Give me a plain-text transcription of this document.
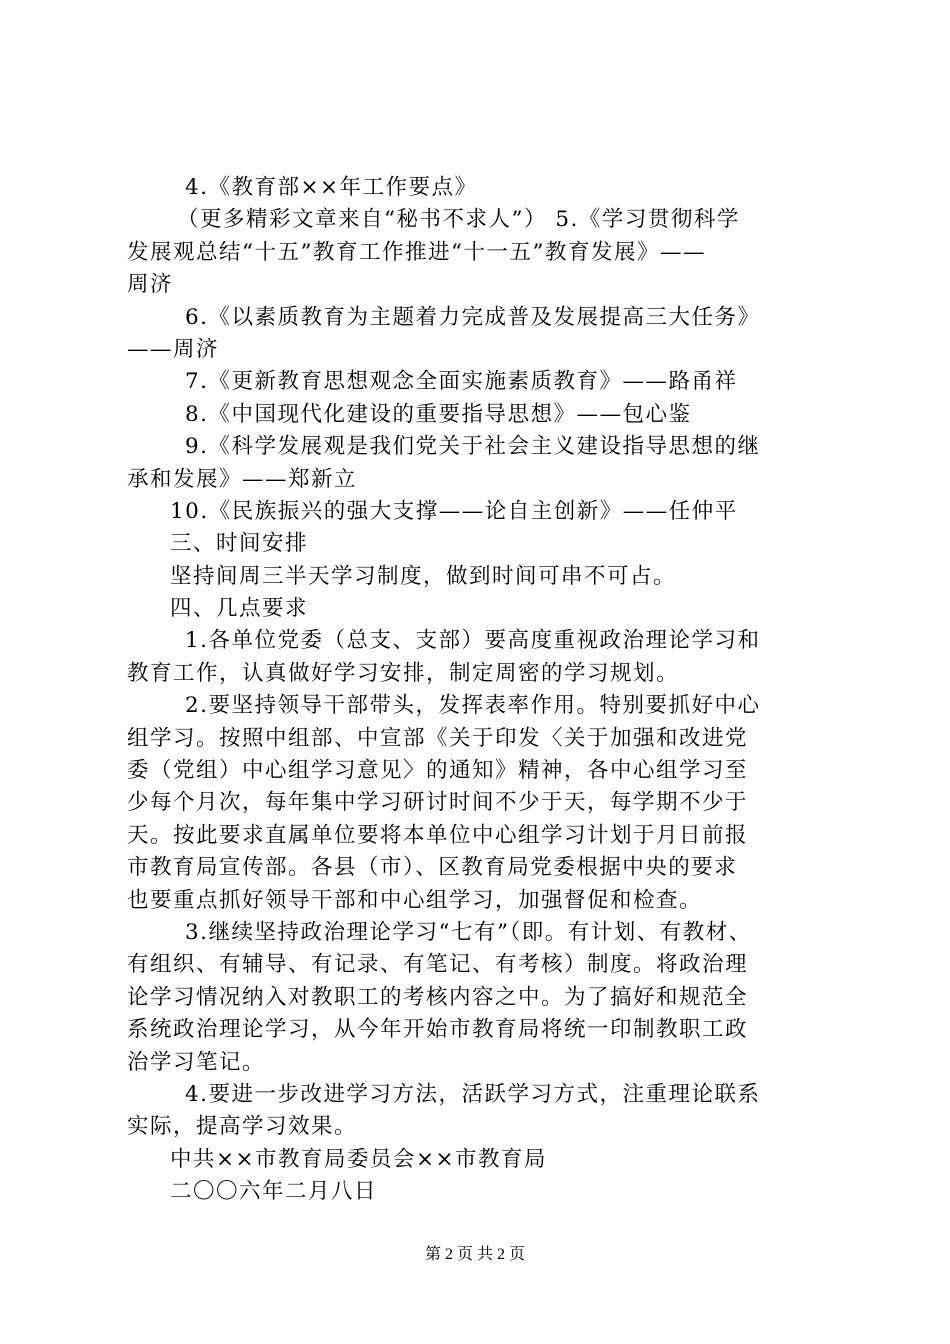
4.《教育部××年工作要点》
（更多精彩文章来自“秘书不求人”） 5.《学习贯彻科学
发展观总结“十五”教育工作推进“十一五”教育发展》——
周济
6.《以素质教育为主题着力完成普及发展提高三大任务》
——周济
7.《更新教育思想观念全面实施素质教育》——路甬祥
8.《中国现代化建设的重要指导思想》——包心鉴
9.《科学发展观是我们党关于社会主义建设指导思想的继
承和发展》——郑新立
10.《民族振兴的强大支撑——论自主创新》——任仲平
三、时间安排
坚持间周三半天学习制度，做到时间可串不可占。
四、几点要求
1.各单位党委（总支、支部）要高度重视政治理论学习和
教育工作，认真做好学习安排，制定周密的学习规划。
2.要坚持领导干部带头，发挥表率作用。特别要抓好中心
组学习。按照中组部、中宣部《关于印发〈关于加强和改进党
委（党组）中心组学习意见〉的通知》精神，各中心组学习至
少每个月次，每年集中学习研讨时间不少于天，每学期不少于
天。按此要求直属单位要将本单位中心组学习计划于月日前报
市教育局宣传部。各县（市）、区教育局党委根据中央的要求
也要重点抓好领导干部和中心组学习，加强督促和检查。
3.继续坚持政治理论学习“七有”（即。有计划、有教材、
有组织、有辅导、有记录、有笔记、有考核）制度。将政治理
论学习情况纳入对教职工的考核内容之中。为了搞好和规范全
系统政治理论学习，从今年开始市教育局将统一印制教职工政
治学习笔记。
4.要进一步改进学习方法，活跃学习方式，注重理论联系
实际，提高学习效果。
中共××市教育局委员会××市教育局
二〇〇六年二月八日
第 2 页 共 2 页
